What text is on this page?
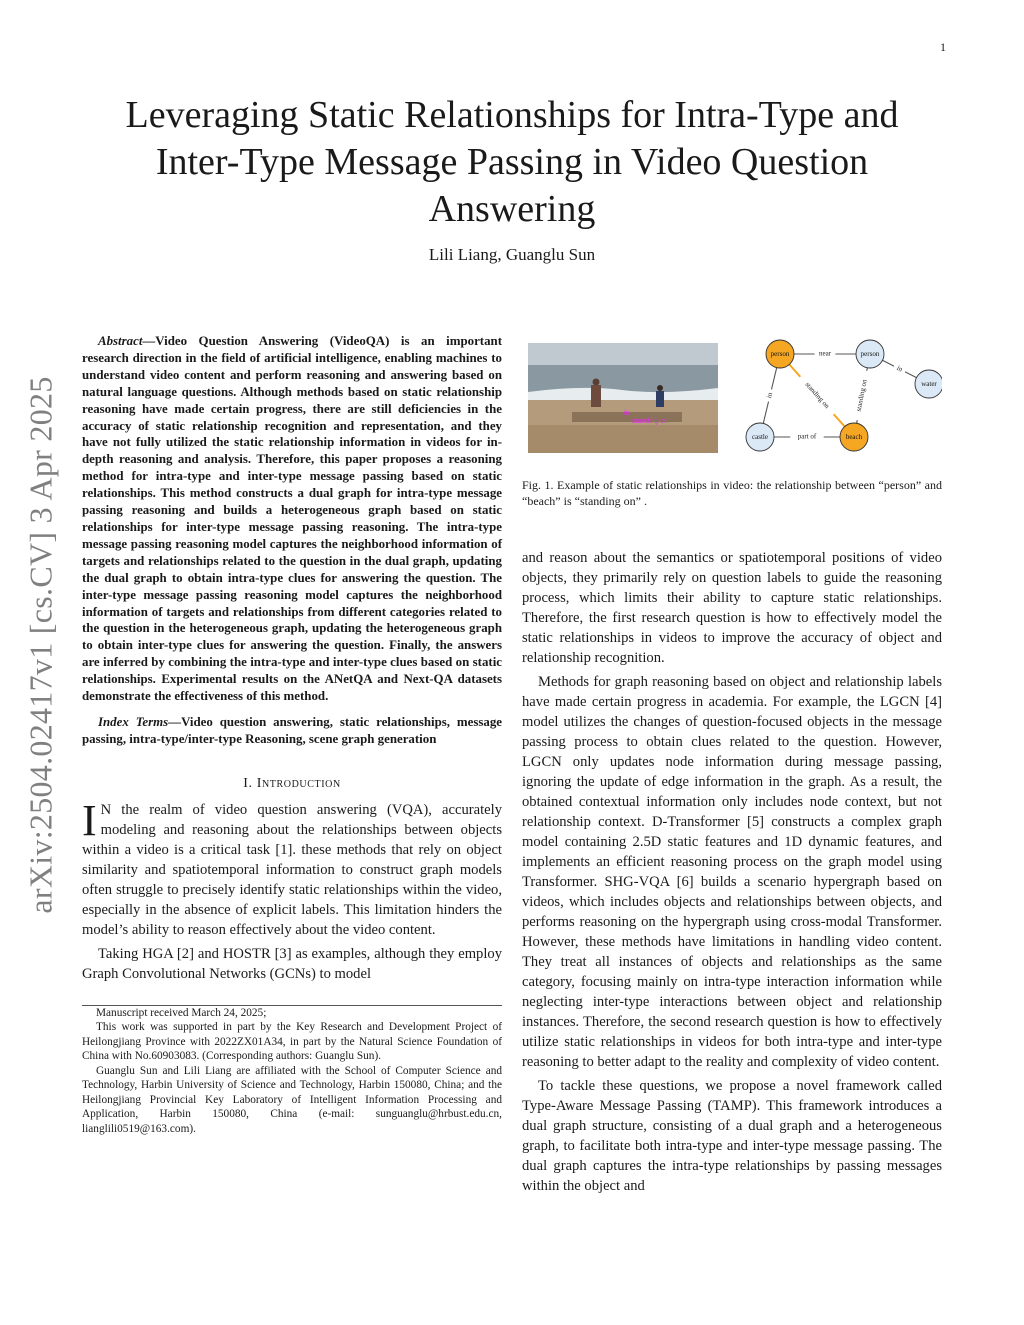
1
arXiv:2504.02417v1 [cs.CV] 3 Apr 2025
Leveraging Static Relationships for Intra-Type and Inter-Type Message Passing in Video Question Answering
Lili Liang, Guanglu Sun

Abstract—Video Question Answering (VideoQA) is an important research direction in the field of artificial intelligence, enabling machines to understand video content and perform reasoning and answering based on natural language questions. Although methods based on static relationship reasoning have made certain progress, there are still deficiencies in the accuracy of static relationship recognition and representation, and they have not fully utilized the static relationship information in videos for in-depth reasoning and analysis. Therefore, this paper proposes a reasoning method for intra-type and inter-type message passing based on static relationships. This method constructs a dual graph for intra-type message passing reasoning and builds a heterogeneous graph based on static relationships for inter-type message passing reasoning. The intra-type message passing reasoning model captures the neighborhood information of targets and relationships related to the question in the dual graph, updating the dual graph to obtain intra-type clues for answering the question. The inter-type message passing reasoning model captures the neighborhood information of targets and relationships from different categories related to the question in the heterogeneous graph, updating the heterogeneous graph to obtain inter-type clues for answering the question. Finally, the answers are inferred by combining the intra-type and inter-type clues based on static relationships. Experimental results on the ANetQA and Next-QA datasets demonstrate the effectiveness of this method.

Index Terms—Video question answering, static relationships, message passing, intra-type/inter-type Reasoning, scene graph generation

I. Introduction
I N the realm of video question answering (VQA), accurately modeling and reasoning about the relationships between objects within a video is a critical task [1]. these methods that rely on object similarity and spatiotemporal information to construct graph models often struggle to precisely identify static relationships within the video, especially in the absence of explicit labels. This limitation hinders the model’s ability to reason effectively about the video content.

Taking HGA [2] and HOSTR [3] as examples, although they employ Graph Convolutional Networks (GCNs) to model

Manuscript received March 24, 2025;

This work was supported in part by the Key Research and Development Project of Heilongjiang Province with 2022ZX01A34, in part by the Natural Science Foundation of China with No.60903083. (Corresponding authors: Guanglu Sun).

Guanglu Sun and Lili Liang are affiliated with the School of Computer Science and Technology, Harbin University of Science and Technology, Harbin 150080, China; and the Heilongjiang Provincial Key Laboratory of Intelligent Information Processing and Application, Harbin 150080, China (e-mail: sunguanglu@hrbust.edu.cn, lianglili0519@163.com).

in
standing on
near
in
standing on	standing on
in
part of
person	person
water
castle	beach
Fig. 1. Example of static relationships in video: the relationship between “person” and “beach” is “standing on” .

and reason about the semantics or spatiotemporal positions of video objects, they primarily rely on question labels to guide the reasoning process, which limits their ability to capture static relationships. Therefore, the first research question is how to effectively model the static relationships in videos to improve the accuracy of object and relationship recognition.

Methods for graph reasoning based on object and relationship labels have made certain progress in academia. For example, the LGCN [4] model utilizes the changes of question-focused objects in the message passing process to obtain clues related to the question. However, LGCN only updates node information during message passing, ignoring the update of edge information in the graph. As a result, the obtained contextual information only includes node context, but not relationship context. D-Transformer [5] constructs a complex graph model containing 2.5D static features and 1D dynamic features, and implements an efficient reasoning process on the graph model using Transformer. SHG-VQA [6] builds a scenario hypergraph based on videos, which includes objects and relationships between objects, and performs reasoning on the hypergraph using cross-modal Transformer. However, these methods have limitations in handling video content. They treat all instances of objects and relationships as the same category, focusing mainly on intra-type interaction information while neglecting inter-type interactions between object and relationship instances. Therefore, the second research question is how to effectively utilize static relationships in videos for both intra-type and inter-type reasoning to better adapt to the reality and complexity of video content.

To tackle these questions, we propose a novel framework called Type-Aware Message Passing (TAMP). This framework introduces a dual graph structure, consisting of a dual graph and a heterogeneous graph, to facilitate both intra-type and inter-type message passing. The dual graph captures the intra-type relationships by passing messages within the object and
